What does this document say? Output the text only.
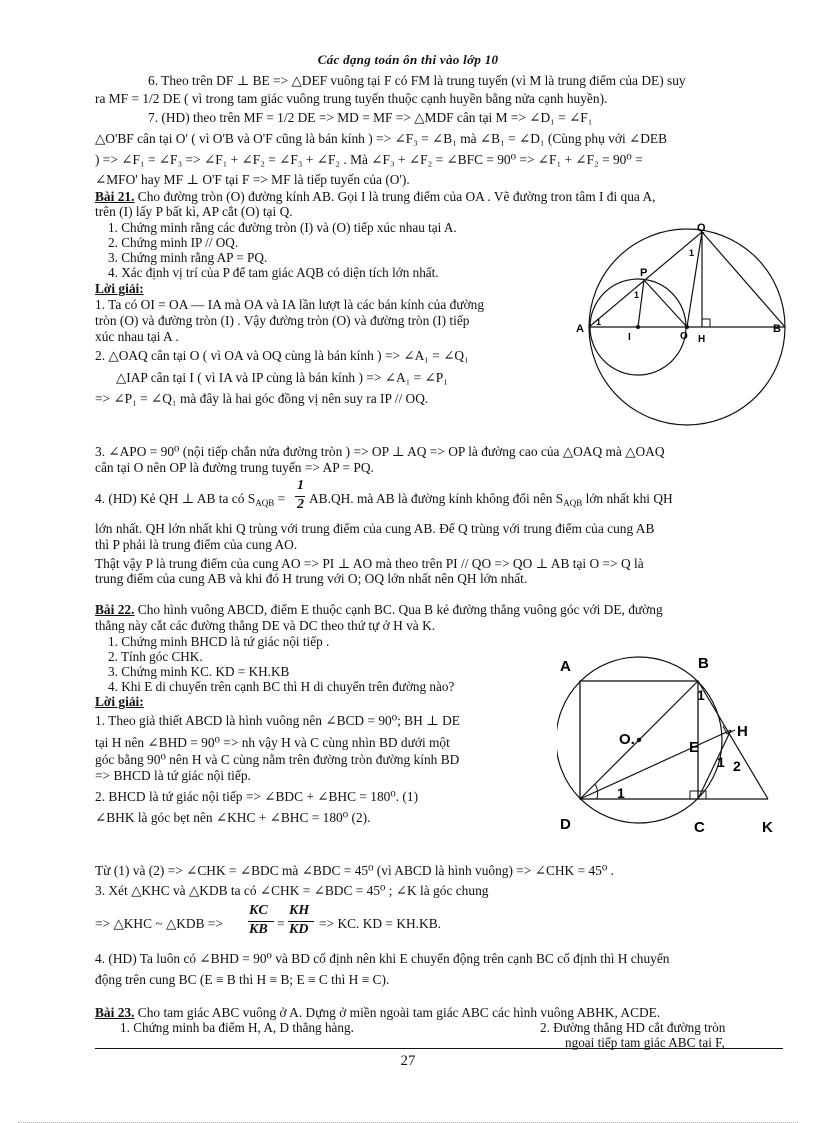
Các dạng toán ôn thi vào lớp 10
6. Theo trên DF ⊥ BE => △DEF vuông tại F có FM là trung tuyến (vì M là trung điểm của DE) suy
ra MF = 1/2 DE ( vì trong tam giác vuông trung tuyến thuộc cạnh huyền bằng nửa cạnh huyền).
7. (HD) theo trên MF = 1/2 DE => MD = MF => △MDF cân tại M => ∠D₁ = ∠F₁
△O'BF cân tại O' ( vì O'B và O'F cũng là bán kính ) => ∠F₃ = ∠B₁ mà ∠B₁ = ∠D₁ (Cùng phụ với ∠DEB
) => ∠F₁ = ∠F₃ => ∠F₁ + ∠F₂ = ∠F₃ + ∠F₂ . Mà ∠F₃ + ∠F₂ = ∠BFC = 90⁰ => ∠F₁ + ∠F₂ = 90⁰ =
∠MFO' hay MF ⊥ O'F tại F => MF là tiếp tuyến của (O').
Bài 21. Cho đường tròn (O) đường kính AB. Gọi I là trung điểm của OA . Vẽ đường tron tâm I đi qua A,
trên (I) lấy P bất kì, AP cắt (O) tại Q.
1. Chứng minh rằng các đường tròn (I) và (O) tiếp xúc nhau tại A.
2. Chứng minh IP // OQ.
3. Chứng minh rằng AP = PQ.
4. Xác định vị trí của P để tam giác AQB có diện tích lớn nhất.
Lời giải:
1. Ta có OI = OA — IA mà OA và IA lần lượt là các bán kính của đường
tròn (O) và đường tròn (I) . Vậy đường tròn (O) và đường tròn (I) tiếp
xúc nhau tại A .
2. △OAQ cân tại O ( vì OA và OQ cùng là bán kính ) => ∠A₁ = ∠Q₁
△IAP cân tại I ( vì IA và IP cùng là bán kính ) => ∠A₁ = ∠P₁
=> ∠P₁ = ∠Q₁ mà đây là hai góc đồng vị nên suy ra IP // OQ.
A	B
Q
P
I	O H
1
1
1
3. ∠APO = 90⁰ (nội tiếp chắn nửa đường tròn ) => OP ⊥ AQ => OP là đường cao của △OAQ mà △OAQ
cân tại O nên OP là đường trung tuyến => AP = PQ.
4. (HD) Kẻ QH ⊥ AB ta có $S_{AQB}$ =
1
2 AB.QH. mà AB là đường kính không đổi nên $S_{AQB}$ lớn nhất khi QH
lớn nhất. QH lớn nhất khi Q trùng với trung điểm của cung AB. Để Q trùng với trung điểm của cung AB
thì P phải là trung điểm của cung AO.
Thật vậy P là trung điểm của cung AO => PI ⊥ AO mà theo trên PI // QO => QO ⊥ AB tại O => Q là
trung điểm của cung AB và khi đó H trung với O; OQ lớn nhất nên QH lớn nhất.
Bài 22. Cho hình vuông ABCD, điểm E thuộc cạnh BC. Qua B kẻ đường thẳng vuông góc với DE, đường
thẳng này cắt các đường thẳng DE và DC theo thứ tự ở H và K.
1. Chứng minh BHCD là tứ giác nội tiếp .
2. Tính góc CHK.
3. Chứng minh KC. KD = KH.KB
4. Khi E di chuyển trên cạnh BC thì H di chuyển trên đường nào?
Lời giải:
1. Theo giả thiết ABCD là hình vuông nên ∠BCD = 90⁰; BH ⊥ DE
tại H nên ∠BHD = 90⁰ => nh vậy H và C cùng nhìn BD dưới một
góc bằng 90⁰ nên H và C cùng nằm trên đường tròn đường kính BD
=> BHCD là tứ giác nội tiếp.
2. BHCD là tứ giác nội tiếp => ∠BDC + ∠BHC = 180⁰. (1)
∠BHK là góc bẹt nên ∠KHC + ∠BHC = 180⁰ (2).
A	B
O.	E
H
D	C	K
1
1 2
1
Từ (1) và (2) => ∠CHK = ∠BDC mà ∠BDC = 45⁰ (vì ABCD là hình vuông) => ∠CHK = 45⁰ .
3. Xét △KHC và △KDB ta có ∠CHK = ∠BDC = 45⁰ ; ∠K là góc chung
=> △KHC ~ △KDB =>
KC
KB =
KH
KD => KC. KD = KH.KB.
4. (HD) Ta luôn có ∠BHD = 90⁰ và BD cố định nên khi E chuyển động trên cạnh BC cố định thì H chuyển
động trên cung BC (E ≡ B thì H ≡ B; E ≡ C thì H ≡ C).
Bài 23. Cho tam giác ABC vuông ở A. Dựng ở miền ngoài tam giác ABC các hình vuông ABHK, ACDE.
1. Chứng minh ba điểm H, A, D thẳng hàng.	2. Đường thẳng HD cắt đường tròn
ngoại tiếp tam giác ABC tại F,
27
